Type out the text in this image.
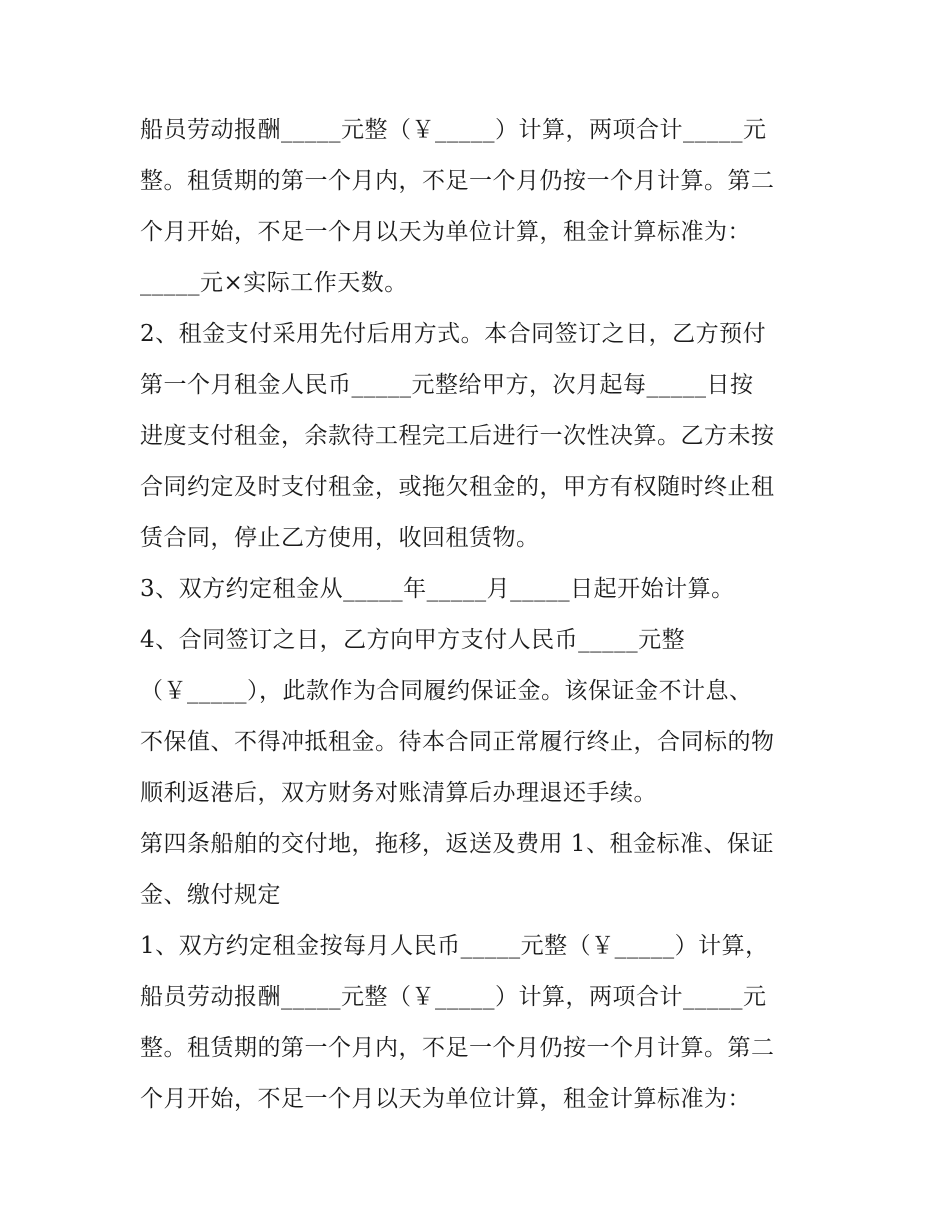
船员劳动报酬_____元整（￥_____）计算，两项合计_____元
整。租赁期的第一个月内，不足一个月仍按一个月计算。第二
个月开始，不足一个月以天为单位计算，租金计算标准为：
_____元×实际工作天数。
2、租金支付采用先付后用方式。本合同签订之日，乙方预付
第一个月租金人民币_____元整给甲方，次月起每_____日按
进度支付租金，余款待工程完工后进行一次性决算。乙方未按
合同约定及时支付租金，或拖欠租金的，甲方有权随时终止租
赁合同，停止乙方使用，收回租赁物。
3、双方约定租金从_____年_____月_____日起开始计算。
4、合同签订之日，乙方向甲方支付人民币_____元整
（￥_____），此款作为合同履约保证金。该保证金不计息、
不保值、不得冲抵租金。待本合同正常履行终止，合同标的物
顺利返港后，双方财务对账清算后办理退还手续。
第四条船舶的交付地，拖移，返送及费用 1、租金标准、保证
金、缴付规定
1、双方约定租金按每月人民币_____元整（￥_____）计算，
船员劳动报酬_____元整（￥_____）计算，两项合计_____元
整。租赁期的第一个月内，不足一个月仍按一个月计算。第二
个月开始，不足一个月以天为单位计算，租金计算标准为：
